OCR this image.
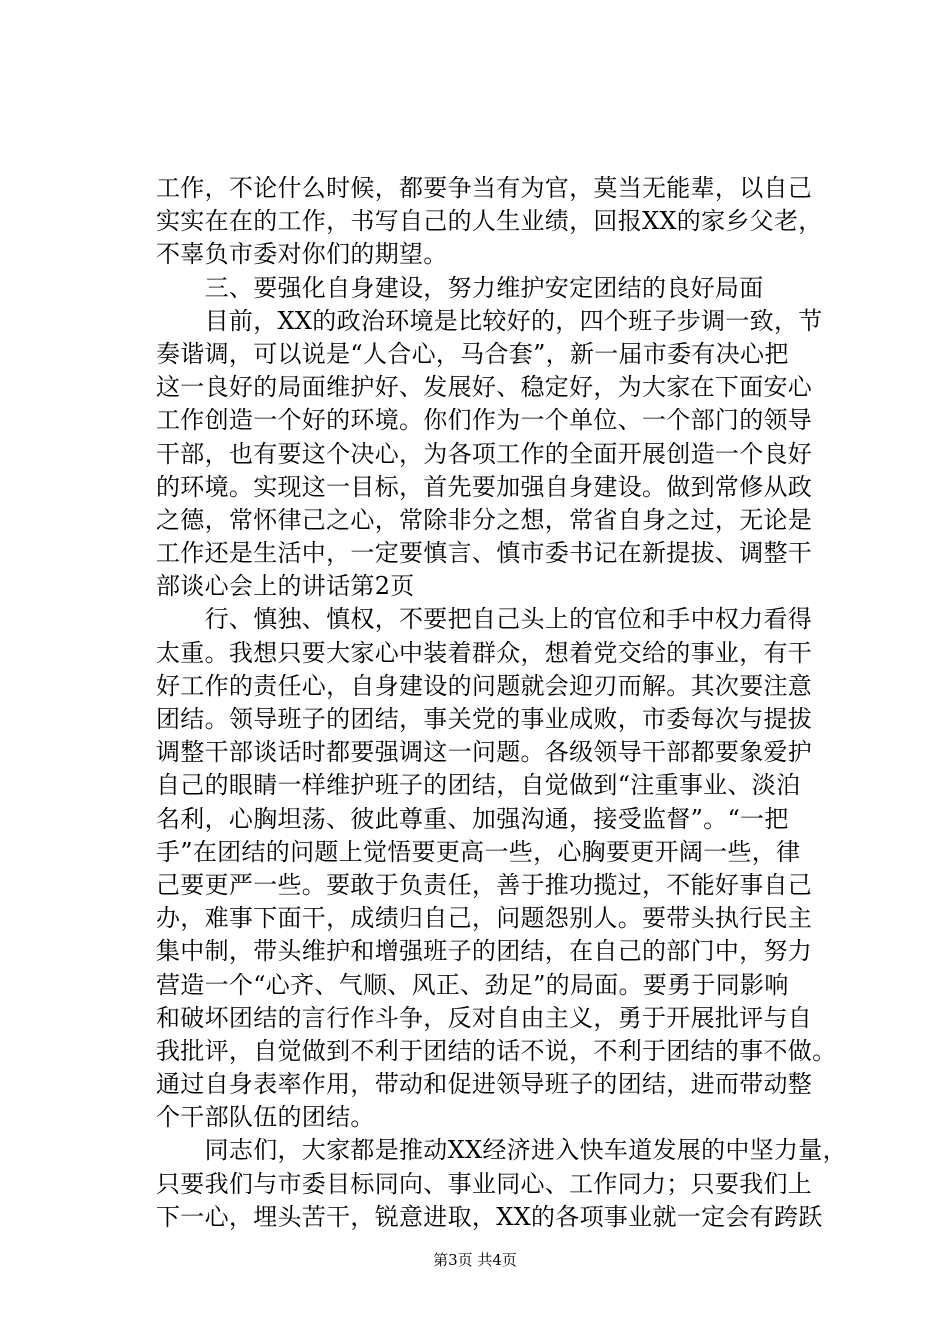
工作，不论什么时候，都要争当有为官，莫当无能辈，以自己
实实在在的工作，书写自己的人生业绩，回报XX的家乡父老，
不辜负市委对你们的期望。
　　三、要强化自身建设，努力维护安定团结的良好局面
　　目前，XX的政治环境是比较好的，四个班子步调一致，节
奏谐调，可以说是“人合心，马合套”，新一届市委有决心把
这一良好的局面维护好、发展好、稳定好，为大家在下面安心
工作创造一个好的环境。你们作为一个单位、一个部门的领导
干部，也有要这个决心，为各项工作的全面开展创造一个良好
的环境。实现这一目标，首先要加强自身建设。做到常修从政
之德，常怀律己之心，常除非分之想，常省自身之过，无论是
工作还是生活中，一定要慎言、慎市委书记在新提拔、调整干
部谈心会上的讲话第2页
　　行、慎独、慎权，不要把自己头上的官位和手中权力看得
太重。我想只要大家心中装着群众，想着党交给的事业，有干
好工作的责任心，自身建设的问题就会迎刃而解。其次要注意
团结。领导班子的团结，事关党的事业成败，市委每次与提拔
调整干部谈话时都要强调这一问题。各级领导干部都要象爱护
自己的眼睛一样维护班子的团结，自觉做到“注重事业、淡泊
名利，心胸坦荡、彼此尊重、加强沟通，接受监督”。“一把
手”在团结的问题上觉悟要更高一些，心胸要更开阔一些，律
己要更严一些。要敢于负责任，善于推功揽过，不能好事自己
办，难事下面干，成绩归自己，问题怨别人。要带头执行民主
集中制，带头维护和增强班子的团结，在自己的部门中，努力
营造一个“心齐、气顺、风正、劲足”的局面。要勇于同影响
和破坏团结的言行作斗争，反对自由主义，勇于开展批评与自
我批评，自觉做到不利于团结的话不说，不利于团结的事不做。
通过自身表率作用，带动和促进领导班子的团结，进而带动整
个干部队伍的团结。
　　同志们，大家都是推动XX经济进入快车道发展的中坚力量，
只要我们与市委目标同向、事业同心、工作同力；只要我们上
下一心，埋头苦干，锐意进取，XX的各项事业就一定会有跨跃
第3页 共4页
